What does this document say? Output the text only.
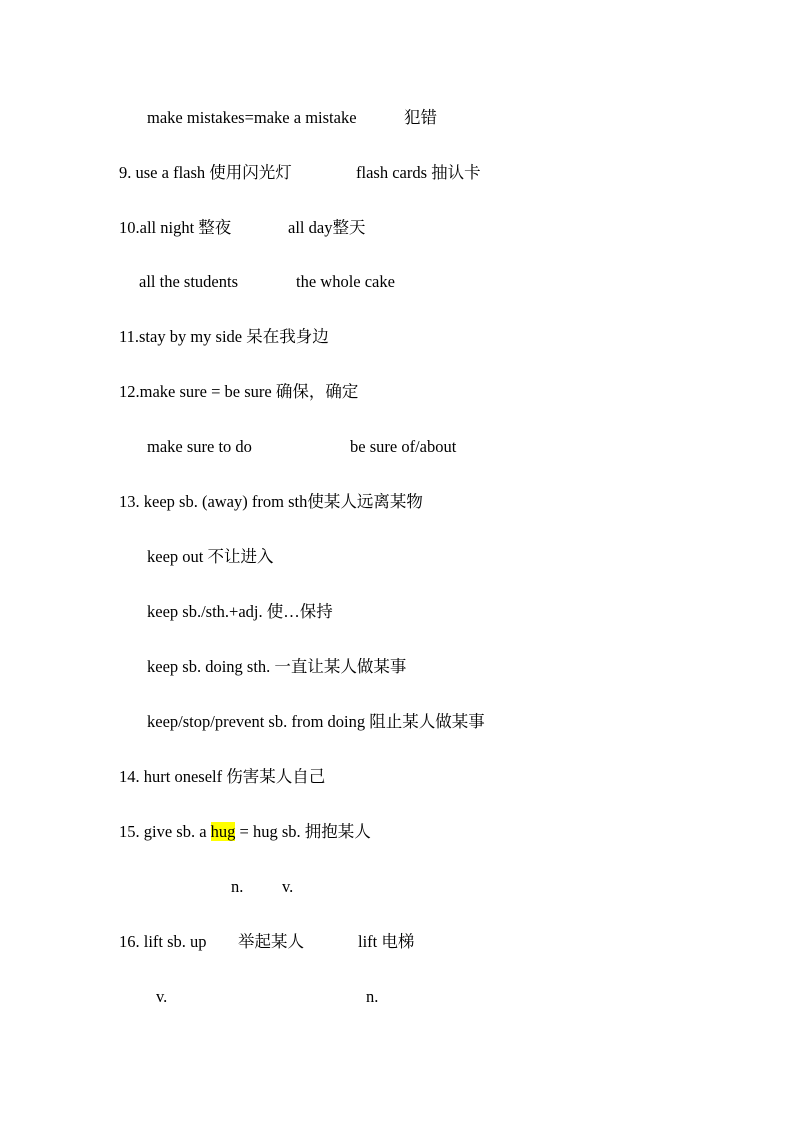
make mistakes=make a mistake	犯错
9. use a flash 使用闪光灯	flash cards 抽认卡
10.all night 整夜	all day整天
all the students	the whole cake
11.stay by my side 呆在我身边
12.make sure = be sure 确保，确定
make sure to do	be sure of/about
13. keep sb. (away) from sth使某人远离某物
keep out 不让进入
keep sb./sth.+adj. 使…保持
keep sb. doing sth. 一直让某人做某事
keep/stop/prevent sb. from doing 阻止某人做某事
14. hurt oneself 伤害某人自己
15. give sb. a hug = hug sb. 拥抱某人
n. v.
16. lift sb. up 举起某人	lift 电梯
v.	n.
